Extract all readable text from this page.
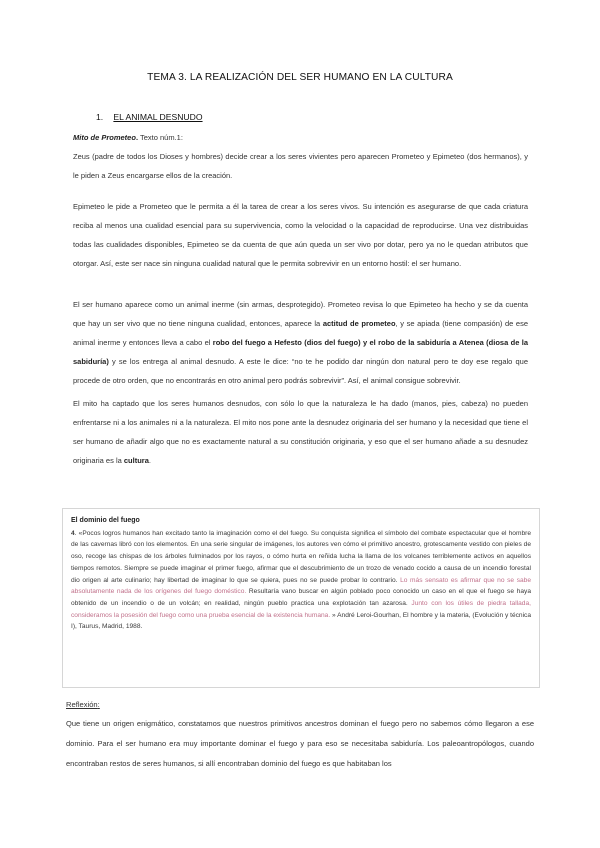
TEMA 3. LA REALIZACIÓN DEL SER HUMANO EN LA CULTURA
1. EL ANIMAL DESNUDO
Mito de Prometeo. Texto núm.1:
Zeus (padre de todos los Dioses y hombres) decide crear a los seres vivientes pero aparecen Prometeo y Epimeteo (dos hermanos), y le piden a Zeus encargarse ellos de la creación.
Epimeteo le pide a Prometeo que le permita a él la tarea de crear a los seres vivos. Su intención es asegurarse de que cada criatura reciba al menos una cualidad esencial para su supervivencia, como la velocidad o la capacidad de reproducirse. Una vez distribuidas todas las cualidades disponibles, Epimeteo se da cuenta de que aún queda un ser vivo por dotar, pero ya no le quedan atributos que otorgar. Así, este ser nace sin ninguna cualidad natural que le permita sobrevivir en un entorno hostil: el ser humano.
El ser humano aparece como un animal inerme (sin armas, desprotegido). Prometeo revisa lo que Epimeteo ha hecho y se da cuenta que hay un ser vivo que no tiene ninguna cualidad, entonces, aparece la actitud de prometeo, y se apiada (tiene compasión) de ese animal inerme y entonces lleva a cabo el robo del fuego a Hefesto (dios del fuego) y el robo de la sabiduría a Atenea (diosa de la sabiduría) y se los entrega al animal desnudo. A este le dice: “no te he podido dar ningún don natural pero te doy ese regalo que procede de otro orden, que no encontrarás en otro animal pero podrás sobrevivir”. Así, el animal consigue sobrevivir.
El mito ha captado que los seres humanos desnudos, con sólo lo que la naturaleza le ha dado (manos, pies, cabeza) no pueden enfrentarse ni a los animales ni a la naturaleza. El mito nos pone ante la desnudez originaria del ser humano y la necesidad que tiene el ser humano de añadir algo que no es exactamente natural a su constitución originaria, y eso que el ser humano añade a su desnudez originaria es la cultura.
El dominio del fuego
4. «Pocos logros humanos han excitado tanto la imaginación como el del fuego. Su conquista significa el símbolo del combate espectacular que el hombre de las cavernas libró con los elementos. En una serie singular de imágenes, los autores ven cómo el primitivo ancestro, grotescamente vestido con pieles de oso, recoge las chispas de los árboles fulminados por los rayos, o cómo hurta en reñida lucha la llama de los volcanes terriblemente activos en aquellos tiempos remotos. Siempre se puede imaginar el primer fuego, afirmar que el descubrimiento de un trozo de venado cocido a causa de un incendio forestal dio origen al arte culinario; hay libertad de imaginar lo que se quiera, pues no se puede probar lo contrario. Lo más sensato es afirmar que no se sabe absolutamente nada de los orígenes del fuego doméstico. Resultaría vano buscar en algún poblado poco conocido un caso en el que el fuego se haya obtenido de un incendio o de un volcán; en realidad, ningún pueblo practica una explotación tan azarosa. Junto con los útiles de piedra tallada, consideramos la posesión del fuego como una prueba esencial de la existencia humana. » André Leroi-Gourhan, El hombre y la materia, (Evolución y técnica I), Taurus, Madrid, 1988.
Reflexión:
Que tiene un origen enigmático, constatamos que nuestros primitivos ancestros dominan el fuego pero no sabemos cómo llegaron a ese dominio. Para el ser humano era muy importante dominar el fuego y para eso se necesitaba sabiduría. Los paleoantropólogos, cuando encontraban restos de seres humanos, si allí encontraban dominio del fuego es que habitaban los
